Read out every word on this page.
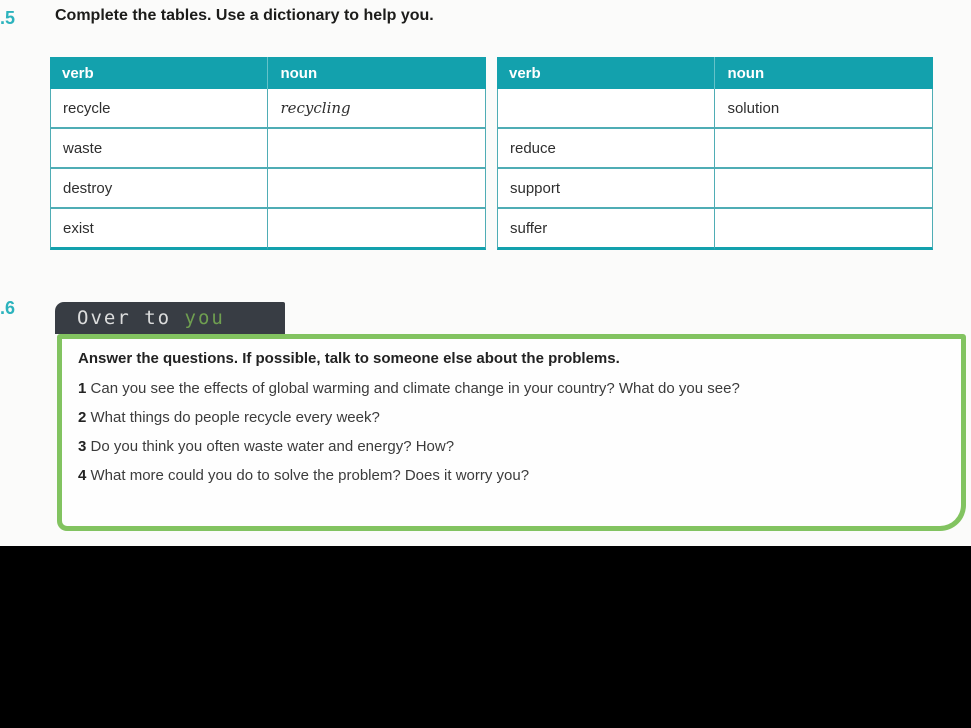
.5 Complete the tables. Use a dictionary to help you.
verb	noun
recycle	recycling
waste	
destroy	
exist	
verb	noun
	solution
reduce	
support	
suffer	
.6	Over to you

Answer the questions. If possible, talk to someone else about the problems.

1 Can you see the effects of global warming and climate change in your country? What do you see?

2 What things do people recycle every week?

3 Do you think you often waste water and energy? How?

4 What more could you do to solve the problem? Does it worry you?
